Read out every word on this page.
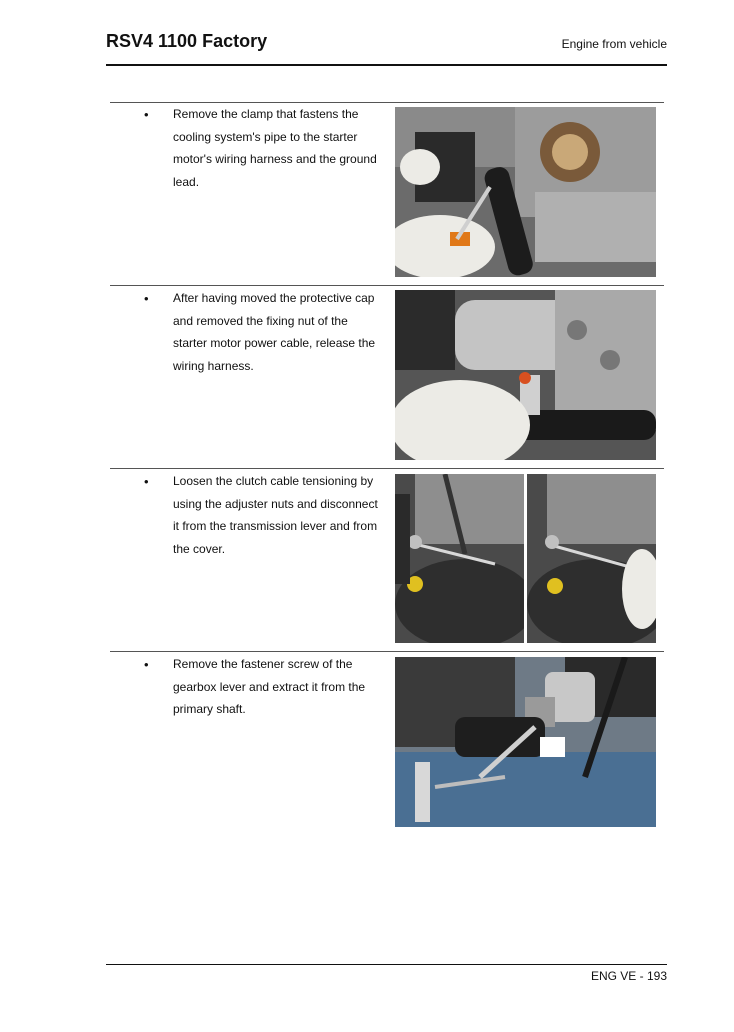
RSV4 1100 Factory	Engine from vehicle
• Remove the clamp that fastens the cooling system's pipe to the starter motor's wiring harness and the ground lead.
• After having moved the protective cap and removed the fixing nut of the starter motor power cable, release the wiring harness.
• Loosen the clutch cable tensioning by using the adjuster nuts and disconnect it from the transmission lever and from the cover.
• Remove the fastener screw of the gearbox lever and extract it from the primary shaft.
ENG VE - 193
